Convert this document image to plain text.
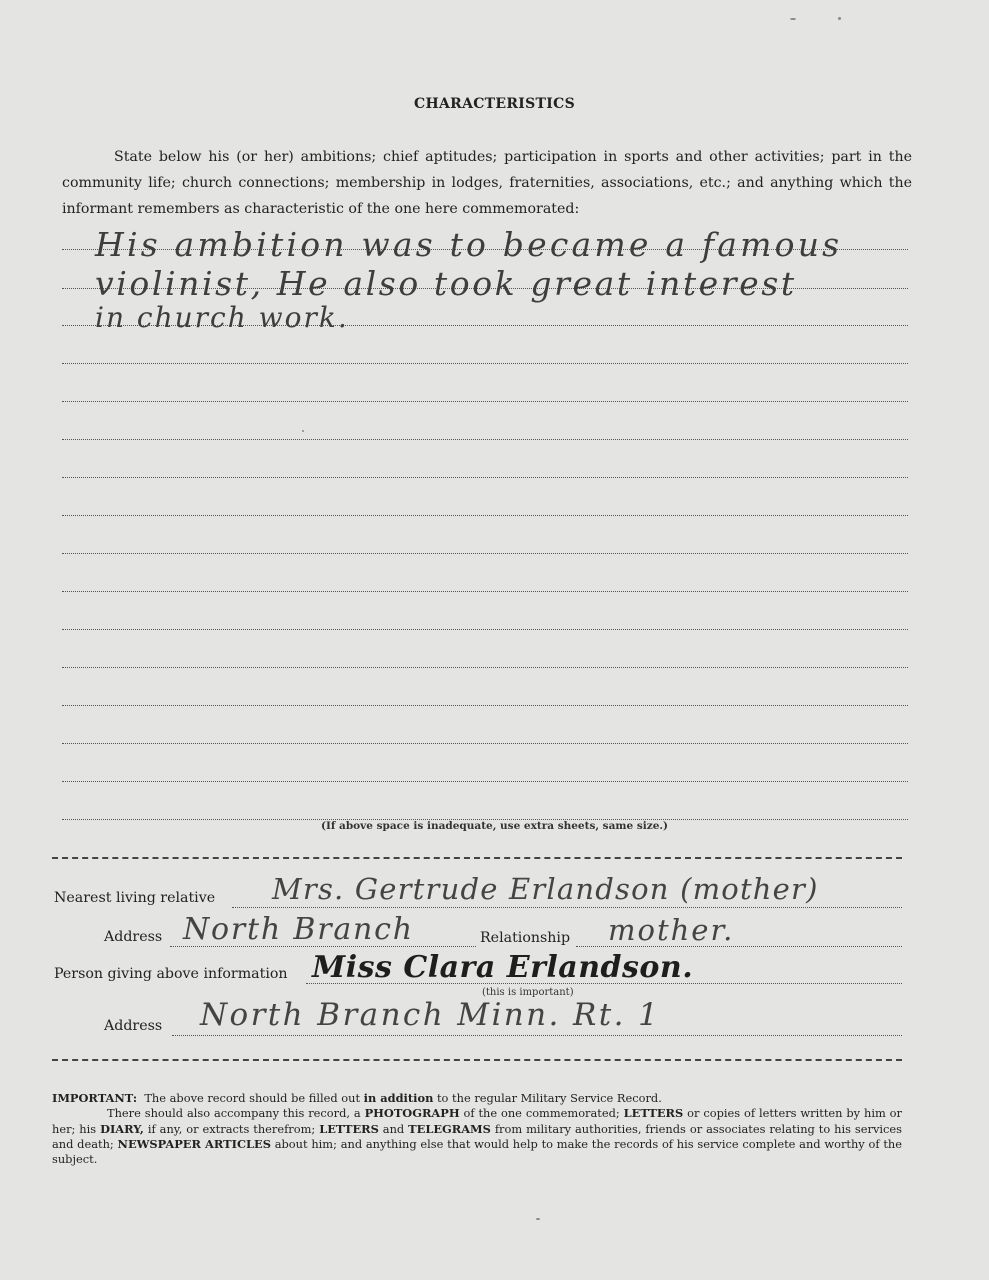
CHARACTERISTICS
State below his (or her) ambitions; chief aptitudes; participation in sports and other activities; part in the community life; church connections; membership in lodges, fraternities, associations, etc.; and anything which the informant remembers as characteristic of the one here commemorated:
His ambition was to became a famous
violinist, He also took great interest
in church work.
(If above space is inadequate, use extra sheets, same size.)
Nearest living relative Mrs. Gertrude Erlandson (mother)
Address North Branch	Relationship mother.
Person giving above information Miss Clara Erlandson.
(this is important)
Address North Branch Minn. Rt. 1

IMPORTANT: The above record should be filled out in addition to the regular Military Service Record.

There should also accompany this record, a PHOTOGRAPH of the one commemorated; LETTERS or copies of letters written by him or her; his DIARY, if any, or extracts therefrom; LETTERS and TELEGRAMS from military authorities, friends or associates relating to his services and death; NEWSPAPER ARTICLES about him; and anything else that would help to make the records of his service complete and worthy of the subject.
